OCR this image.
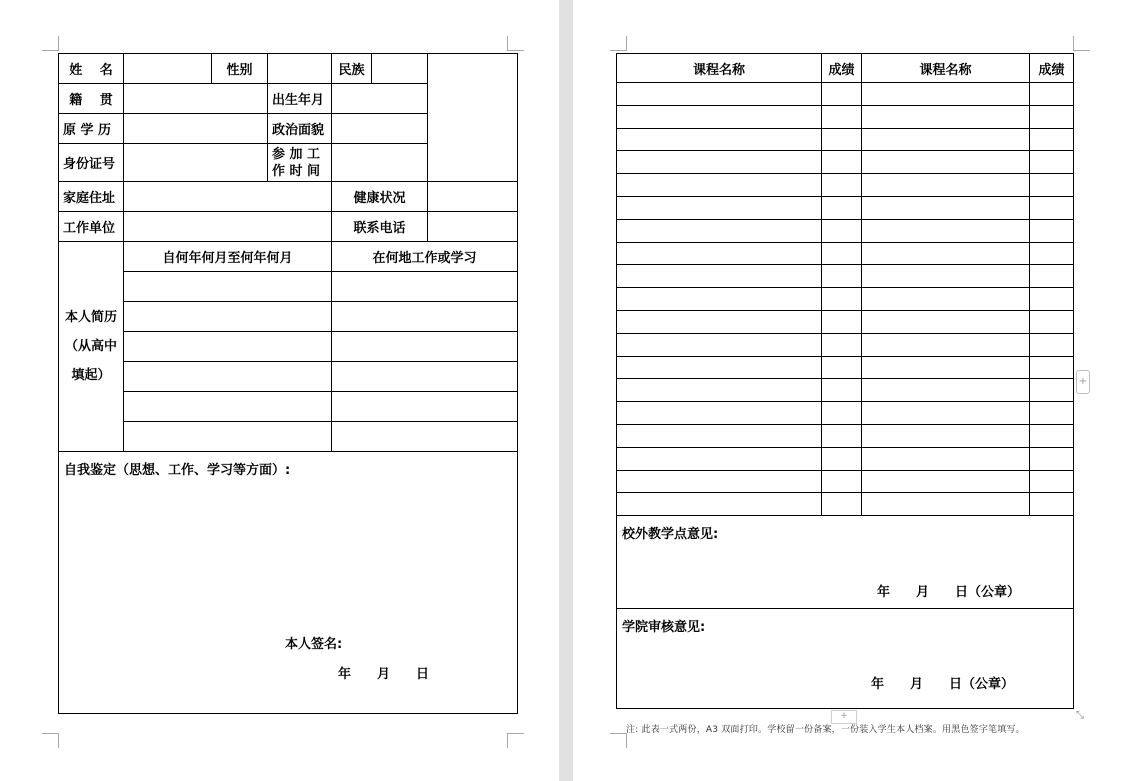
姓　 名		性别		民族		
籍　 贯			出生年月			
原 学 历			政治面貌			
身份证号			参 加 工
作 时 间			

家庭住址				健康状况		
工作单位				联系电话		

本人简历
（从高中
填起）	自何年何月至何年何月			在何地工作或学习		

自我鉴定（思想、工作、学习等方面）:
本人签名:
年　　月　　日						
课程名称	成绩	课程名称	成绩

校外教学点意见:
年　　月　　日（公章）			

学院审核意见:
年　　月　　日（公章）			
注: 此表一式两份，A3 双面打印。学校留一份备案，一份装入学生本人档案。用黑色签字笔填写。
+
+	⤡
